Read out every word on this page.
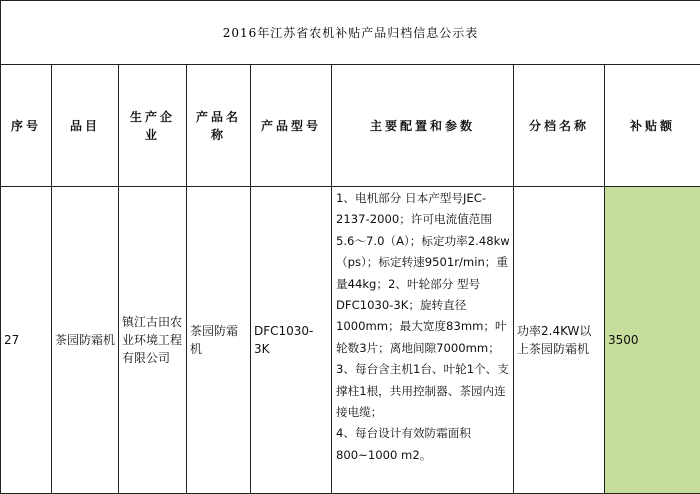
2016年江苏省农机补贴产品归档信息公示表							
序号	品目	生产企业	产品名称	产品型号	主要配置和参数	分档名称	补贴额

27	茶园防霜机	镇江古田农业环境工程有限公司	茶园防霜机	DFC1030-3K	1、电机部分 日本产型号JEC-2137-2000；许可电流值范围5.6～7.0（A）；标定功率2.48kw（ps）；标定转速9501r/min；重量44kg；2、叶轮部分 型号DFC1030-3K；旋转直径1000mm；最大宽度83mm；叶轮数3片；离地间隙7000mm；
3、每台含主机1台、叶轮1个、支撑柱1根，共用控制器、茶园内连接电缆；
4、每台设计有效防霜面积800~1000 m2。	功率2.4KW以上茶园防霜机	3500
